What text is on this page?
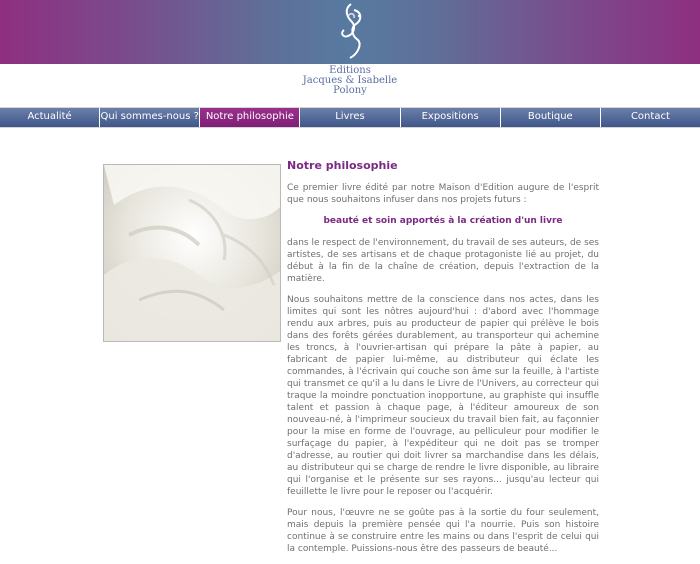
Editions
Jacques & Isabelle
Polony
Actualité	Qui sommes-nous ? Notre philosophie	Livres	Expositions	Boutique	Contact
Notre philosophie
Ce premier livre édité par notre Maison d'Edition augure de l'esprit que nous souhaitons infuser dans nos projets futurs :
beauté et soin apportés à la création d'un livre
dans le respect de l'environnement, du travail de ses auteurs, de ses artistes, de ses artisans et de chaque protagoniste lié au projet, du début à la fin de la chaîne de création, depuis l'extraction de la matière.
Nous souhaitons mettre de la conscience dans nos actes, dans les limites qui sont les nôtres aujourd'hui : d'abord avec l'hommage rendu aux arbres, puis au producteur de papier qui prélève le bois dans des forêts gérées durablement, au transporteur qui achemine les troncs, à l'ouvrier-artisan qui prépare la pâte à papier, au fabricant de papier lui-même, au distributeur qui éclate les commandes, à l'écrivain qui couche son âme sur la feuille, à l'artiste qui transmet ce qu'il a lu dans le Livre de l'Univers, au correcteur qui traque la moindre ponctuation inopportune, au graphiste qui insuffle talent et passion à chaque page, à l'éditeur amoureux de son nouveau-né, à l'imprimeur soucieux du travail bien fait, au façonnier pour la mise en forme de l'ouvrage, au pelliculeur pour modifier le surfaçage du papier, à l'expéditeur qui ne doit pas se tromper d'adresse, au routier qui doit livrer sa marchandise dans les délais, au distributeur qui se charge de rendre le livre disponible, au libraire qui l'organise et le présente sur ses rayons... jusqu'au lecteur qui feuillette le livre pour le reposer ou l'acquérir.
Pour nous, l'œuvre ne se goûte pas à la sortie du four seulement, mais depuis la première pensée qui l'a nourrie. Puis son histoire continue à se construire entre les mains ou dans l'esprit de celui qui la contemple. Puissions-nous être des passeurs de beauté...
